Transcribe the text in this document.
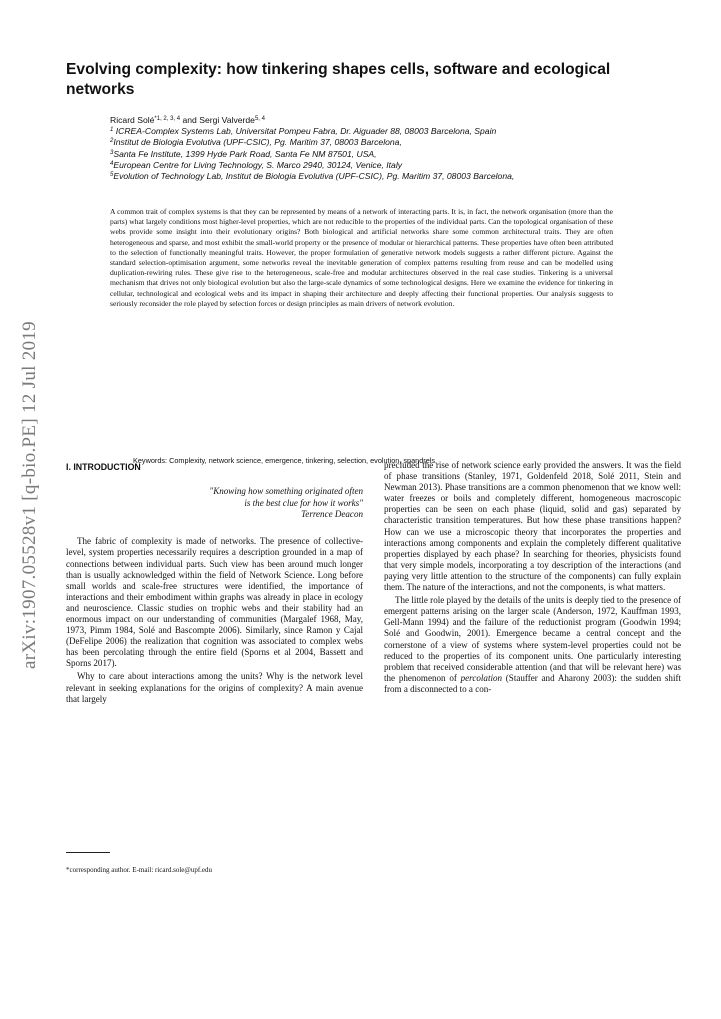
arXiv:1907.05528v1 [q-bio.PE] 12 Jul 2019
Evolving complexity: how tinkering shapes cells, software and ecological networks
Ricard Solé$^{*1, 2, 3, 4}$ and Sergi Valverde$^{5, 4}$
$^1$ ICREA-Complex Systems Lab, Universitat Pompeu Fabra, Dr. Aiguader 88, 08003 Barcelona, Spain
$^2$Institut de Biologia Evolutiva (UPF-CSIC), Pg. Maritim 37, 08003 Barcelona,
$^3$Santa Fe Institute, 1399 Hyde Park Road, Santa Fe NM 87501, USA,
$^4$European Centre for Living Technology, S. Marco 2940, 30124, Venice, Italy
$^5$Evolution of Technology Lab, Institut de Biologia Evolutiva (UPF-CSIC), Pg. Maritim 37, 08003 Barcelona,

A common trait of complex systems is that they can be represented by means of a network of interacting parts. It is, in fact, the network organisation (more than the parts) what largely conditions most higher-level properties, which are not reducible to the properties of the individual parts. Can the topological organisation of these webs provide some insight into their evolutionary origins? Both biological and artificial networks share some common architectural traits. They are often heterogeneous and sparse, and most exhibit the small-world property or the presence of modular or hierarchical patterns. These properties have often been attributed to the selection of functionally meaningful traits. However, the proper formulation of generative network models suggests a rather different picture. Against the standard selection-optimisation argument, some networks reveal the inevitable generation of complex patterns resulting from reuse and can be modelled using duplication-rewiring rules. These give rise to the heterogeneous, scale-free and modular architectures observed in the real case studies. Tinkering is a universal mechanism that drives not only biological evolution but also the large-scale dynamics of some technological designs. Here we examine the evidence for tinkering in cellular, technological and ecological webs and its impact in shaping their architecture and deeply affecting their functional properties. Our analysis suggests to seriously reconsider the role played by selection forces or design principles as main drivers of network evolution.

Keywords: Complexity, network science, emergence, tinkering, selection, evolution, spandrels,
I. INTRODUCTION
"Knowing how something originated often
is the best clue for how it works"
Terrence Deacon

The fabric of complexity is made of networks. The presence of collective-level, system properties necessarily requires a description grounded in a map of connections between individual parts. Such view has been around much longer than is usually acknowledged within the field of Network Science. Long before small worlds and scale-free structures were identified, the importance of interactions and their embodiment within graphs was already in place in ecology and neuroscience. Classic studies on trophic webs and their stability had an enormous impact on our understanding of communities (Margalef 1968, May, 1973, Pimm 1984, Solé and Bascompte 2006). Similarly, since Ramon y Cajal (DeFelipe 2006) the realization that cognition was associated to complex webs has been percolating through the entire field (Sporns et al 2004, Bassett and Sporns 2017).

Why to care about interactions among the units? Why is the network level relevant in seeking explanations for the origins of complexity? A main avenue that largely

precluded the rise of network science early provided the answers. It was the field of phase transitions (Stanley, 1971, Goldenfeld 2018, Solé 2011, Stein and Newman 2013). Phase transitions are a common phenomenon that we know well: water freezes or boils and completely different, homogeneous macroscopic properties can be seen on each phase (liquid, solid and gas) separated by characteristic transition temperatures. But how these phase transitions happen? How can we use a microscopic theory that incorporates the properties and interactions among components and explain the completely different qualitative properties displayed by each phase? In searching for theories, physicists found that very simple models, incorporating a toy description of the interactions (and paying very little attention to the structure of the components) can fully explain them. The nature of the interactions, and not the components, is what matters.

The little role played by the details of the units is deeply tied to the presence of emergent patterns arising on the larger scale (Anderson, 1972, Kauffman 1993, Gell-Mann 1994) and the failure of the reductionist program (Goodwin 1994; Solé and Goodwin, 2001). Emergence became a central concept and the cornerstone of a view of systems where system-level properties could not be reduced to the properties of its component units. One particularly interesting problem that received considerable attention (and that will be relevant here) was the phenomenon of percolation (Stauffer and Aharony 2003): the sudden shift from a disconnected to a con-

*corresponding author. E-mail: ricard.sole@upf.edu
